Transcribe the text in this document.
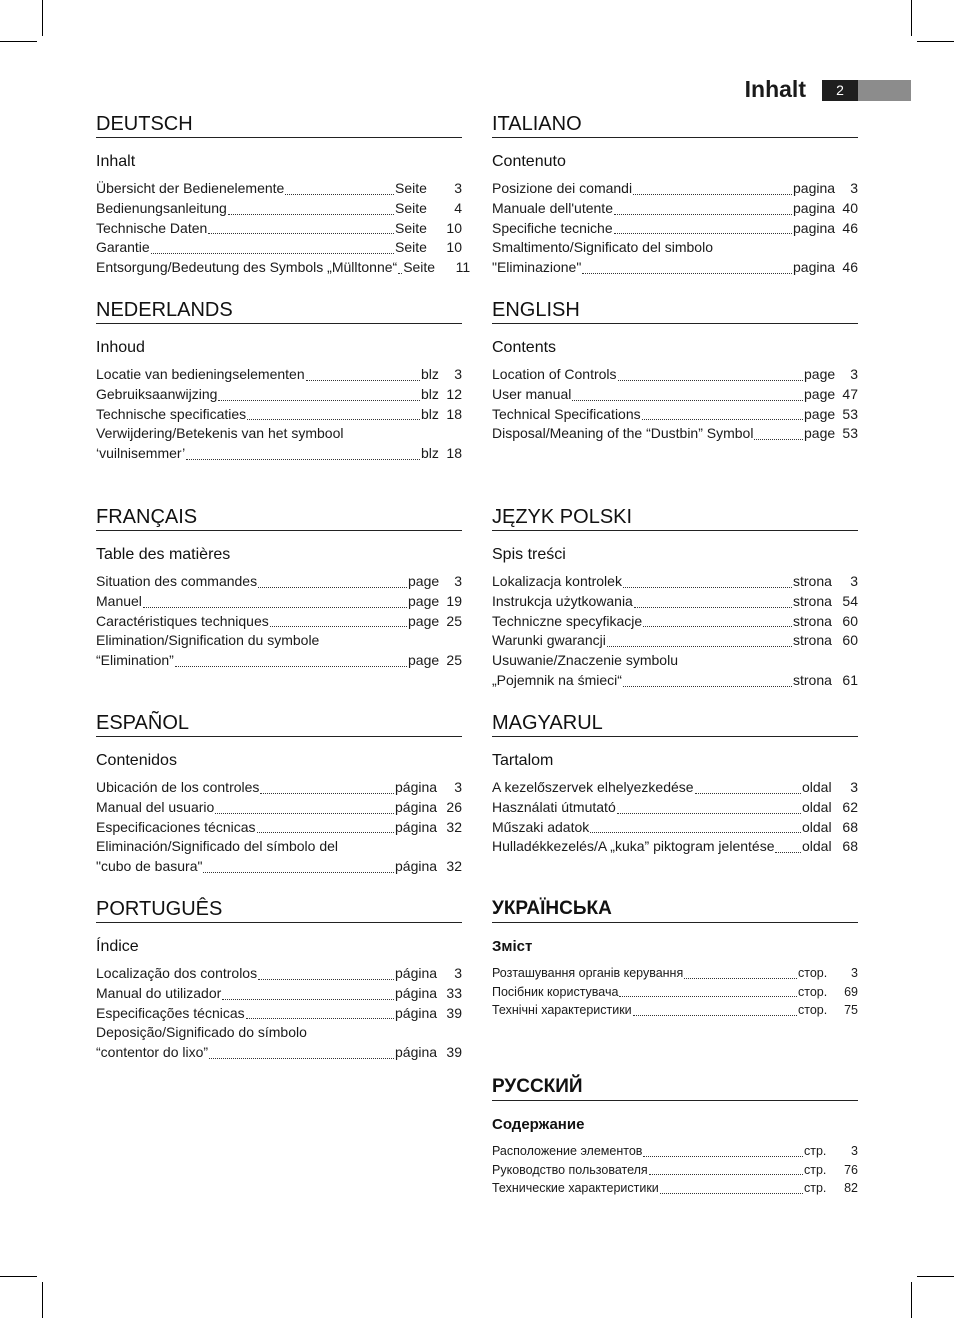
Inhalt	2
DEUTSCH
Inhalt
Übersicht der Bedienelemente	Seite	3
Bedienungsanleitung	Seite	4
Technische Daten	Seite	10
Garantie	Seite	10
Entsorgung/Bedeutung des Symbols „Mülltonne“ Seite	11
ITALIANO
Contenuto
Posizione dei comandi	pagina	3
Manuale dell'utente	pagina 40
Specifiche tecniche	pagina 46
Smaltimento/Significato del simbolo
"Eliminazione"	pagina 46
NEDERLANDS
Inhoud
Locatie van bedieningselementen	blz	3
Gebruiksaanwijzing	blz 12
Technische specificaties	blz 18
Verwijdering/Betekenis van het symbool
‘vuilnisemmer’	blz 18
ENGLISH
Contents
Location of Controls	page	3
User manual	page 47
Technical Specifications	page 53
Disposal/Meaning of the “Dustbin” Symbol	page 53
FRANÇAIS
Table des matières
Situation des commandes	page	3
Manuel	page 19
Caractéristiques techniques	page 25
Elimination/Signification du symbole
“Elimination”	page 25
JĘZYK POLSKI
Spis treści
Lokalizacja kontrolek	strona	3
Instrukcja użytkowania	strona 54
Techniczne specyfikacje	strona 60
Warunki gwarancji	strona 60
Usuwanie/Znaczenie symbolu
„Pojemnik na śmieci“	strona 61
ESPAÑOL
Contenidos
Ubicación de los controles	página	3
Manual del usuario	página 26
Especificaciones técnicas	página 32
Eliminación/Significado del símbolo del
"cubo de basura"	página 32
MAGYARUL
Tartalom
A kezelőszervek elhelyezkedése	oldal	3
Használati útmutató	oldal 62
Műszaki adatok	oldal 68
Hulladékkezelés/A „kuka” piktogram jelentése oldal 68
PORTUGUÊS
Índice
Localização dos controlos	página	3
Manual do utilizador	página 33
Especificações técnicas	página 39
Deposição/Significado do símbolo
“contentor do lixo”	página 39
УКРАЇНСЬКА
Зміст
Розташування органів керування	стор.	3
Посібник користувача	стор.	69
Технічні характеристики	стор.	75
РУССКИЙ
Содержание
Расположение элементов	стр.	3
Руководство пользователя	стр.	76
Технические характеристики	стр.	82
